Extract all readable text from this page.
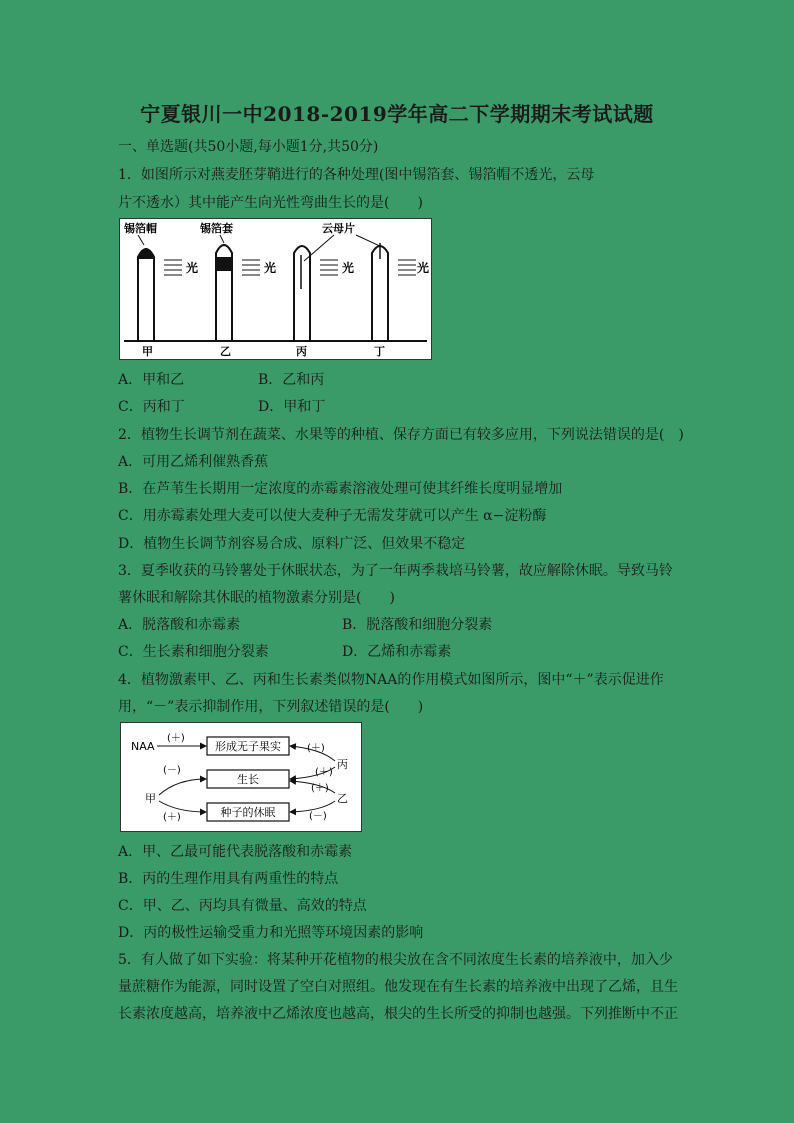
宁夏银川一中2018-2019学年高二下学期期末考试试题
一、单选题(共50小题,每小题1分,共50分)
1．如图所示对燕麦胚芽鞘进行的各种处理(图中锡箔套、锡箔帽不透光，云母
片不透水）其中能产生向光性弯曲生长的是(　　)
锡箔帽
光
锡箔套
光	光
云母片
光
甲	乙	丙	丁
A．甲和乙	B．乙和丙
C．丙和丁	D．甲和丁
2．植物生长调节剂在蔬菜、水果等的种植、保存方面已有较多应用，下列说法错误的是(　)
A．可用乙烯利催熟香蕉
B．在芦苇生长期用一定浓度的赤霉素溶液处理可使其纤维长度明显增加
C．用赤霉素处理大麦可以使大麦种子无需发芽就可以产生 α−淀粉酶
D．植物生长调节剂容易合成、原料广泛、但效果不稳定
3．夏季收获的马铃薯处于休眠状态，为了一年两季栽培马铃薯，故应解除休眠。导致马铃
薯休眠和解除其休眠的植物激素分别是(　　)
A．脱落酸和赤霉素	B．脱落酸和细胞分裂素
C．生长素和细胞分裂素	D．乙烯和赤霉素
4．植物激素甲、乙、丙和生长素类似物NAA的作用模式如图所示，图中“＋”表示促进作
用，“－”表示抑制作用，下列叙述错误的是(　　)
形成无子果实
生长
种子的休眠
NAA
(＋)
甲
(－)
(＋)
丙
(＋)
(＋)
乙
(＋)
(－)
A．甲、乙最可能代表脱落酸和赤霉素
B．丙的生理作用具有两重性的特点
C．甲、乙、丙均具有微量、高效的特点
D．丙的极性运输受重力和光照等环境因素的影响
5．有人做了如下实验：将某种开花植物的根尖放在含不同浓度生长素的培养液中，加入少
量蔗糖作为能源，同时设置了空白对照组。他发现在有生长素的培养液中出现了乙烯，且生
长素浓度越高，培养液中乙烯浓度也越高，根尖的生长所受的抑制也越强。下列推断中不正
